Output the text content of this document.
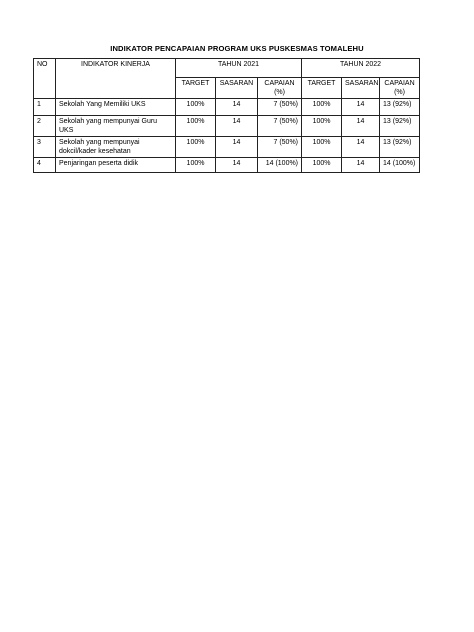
INDIKATOR PENCAPAIAN PROGRAM UKS PUSKESMAS TOMALEHU
NO	INDIKATOR KINERJA	TAHUN 2021			TAHUN 2022		
		TARGET	SASARAN	CAPAIAN (%)	TARGET	SASARAN	CAPAIAN (%)
1	Sekolah Yang Memiliki UKS	100%	14	7 (50%)	100%	14	13 (92%)
2	Sekolah yang mempunyai Guru UKS	100%	14	7 (50%)	100%	14	13 (92%)
3	Sekolah yang mempunyai dokcil/kader kesehatan	100%	14	7 (50%)	100%	14	13 (92%)
4	Penjaringan peserta didik	100%	14	14 (100%)	100%	14	14 (100%)
